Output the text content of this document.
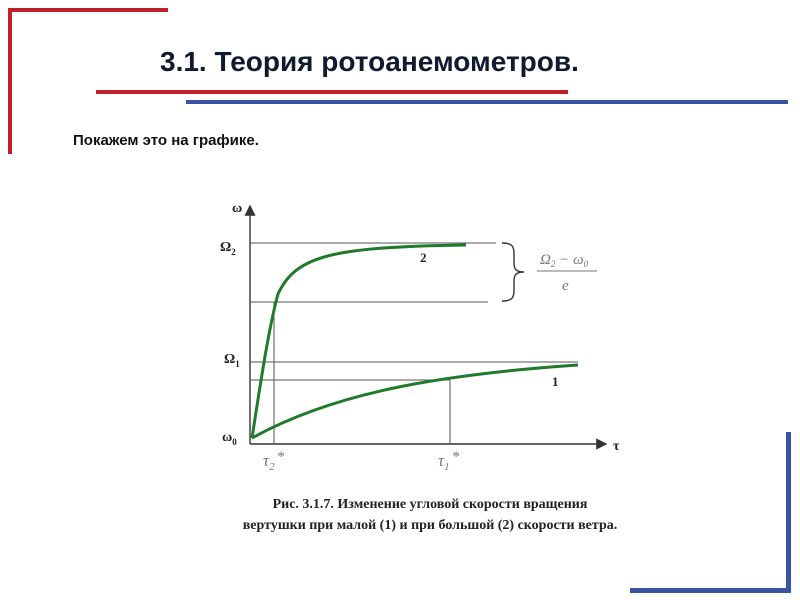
3.1. Теория ротоанемометров.
Покажем это на графике.
ω
τ
$\Omega_2$
$\Omega_1$
$\omega_0$
2
1
$\tau_2*$	$\tau_1*$
$\Omega_2 - \omega_0$
e
Рис. 3.1.7. Изменение угловой скорости вращения
вертушки при малой (1) и при большой (2) скорости ветра.
